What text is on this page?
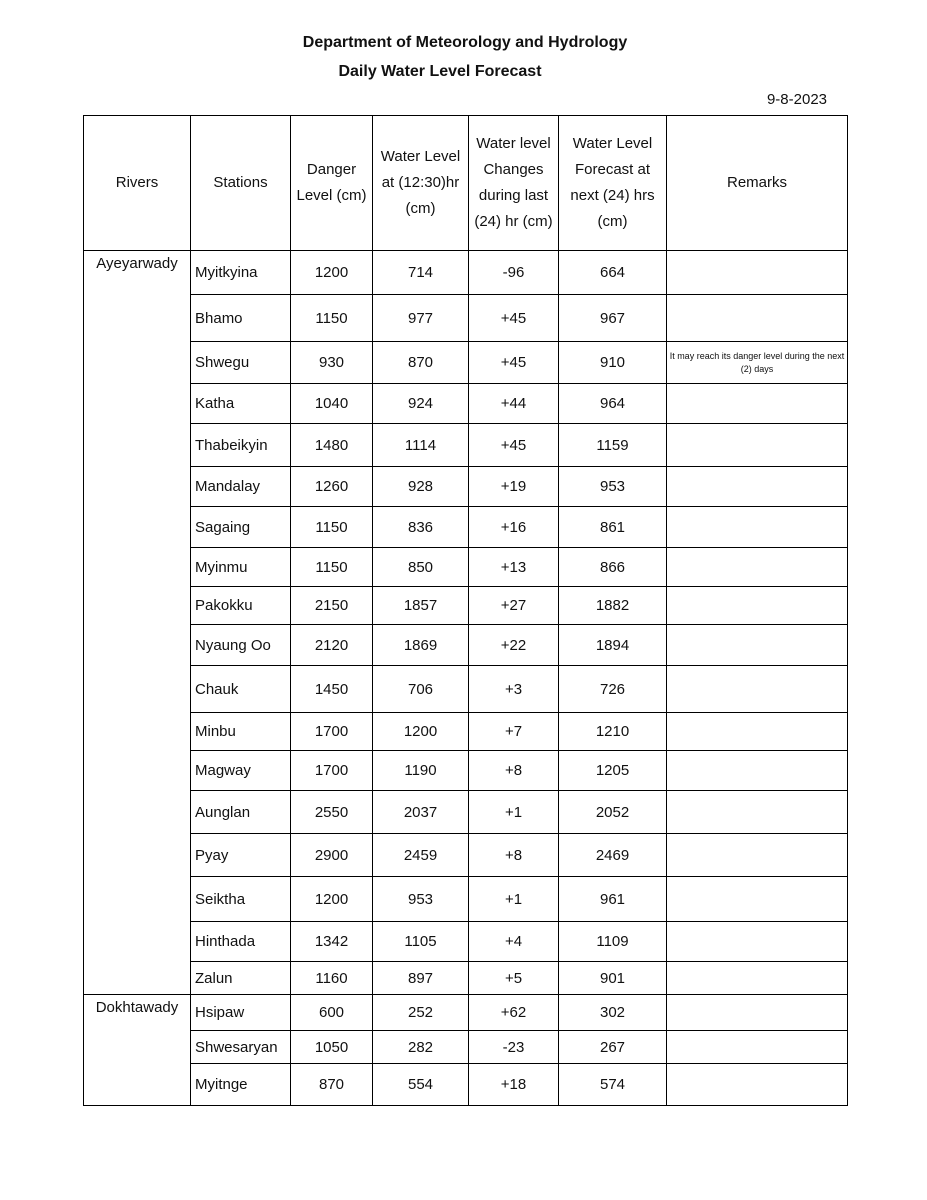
Department of Meteorology and Hydrology
Daily Water Level Forecast
9-8-2023
Rivers	Stations	Danger Level (cm)	Water Level at (12:30)hr (cm)	Water level Changes during last (24) hr (cm)	Water Level Forecast at next (24) hrs (cm)	Remarks
Ayeyarwady	Myitkyina	1200	714	-96	664	
	Bhamo	1150	977	+45	967	
	Shwegu	930	870	+45	910	It may reach its danger level during the next (2) days
	Katha	1040	924	+44	964	
	Thabeikyin	1480	1114	+45	1159	
	Mandalay	1260	928	+19	953	
	Sagaing	1150	836	+16	861	
	Myinmu	1150	850	+13	866	
	Pakokku	2150	1857	+27	1882	
	Nyaung Oo	2120	1869	+22	1894	
	Chauk	1450	706	+3	726	
	Minbu	1700	1200	+7	1210	
	Magway	1700	1190	+8	1205	
	Aunglan	2550	2037	+1	2052	
	Pyay	2900	2459	+8	2469	
	Seiktha	1200	953	+1	961	
	Hinthada	1342	1105	+4	1109	
	Zalun	1160	897	+5	901	
Dokhtawady	Hsipaw	600	252	+62	302	
	Shwesaryan	1050	282	-23	267	
	Myitnge	870	554	+18	574	
